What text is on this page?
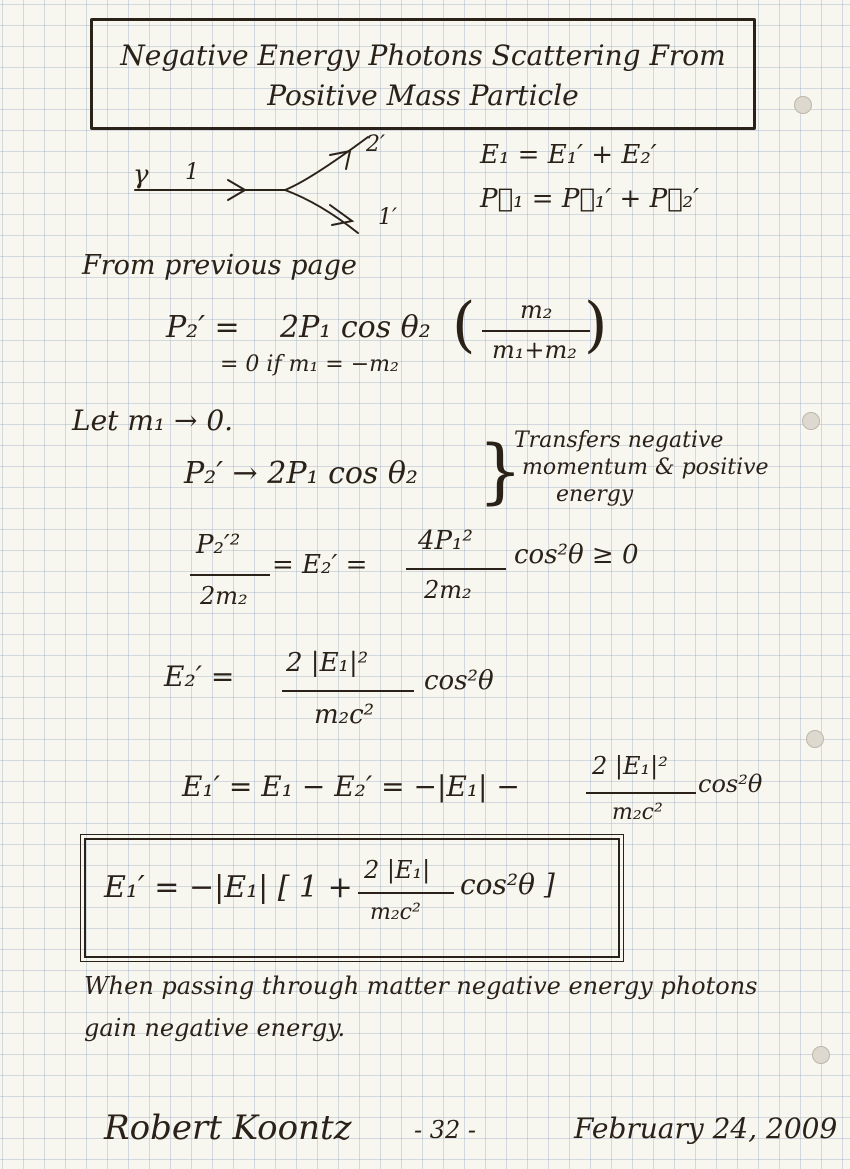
Negative Energy Photons Scattering From
Positive Mass Particle
γ 1
2′
1′
E₁ = E₁′ + E₂′
P⃗₁ = P⃗₁′ + P⃗₂′
From previous page
P₂′ = 2P₁ cos θ₂ ( m₂
m₁+m₂ )
= 0 if m₁ = −m₂
Let m₁ → 0.
P₂′ → 2P₁ cos θ₂ }
Transfers negative
momentum & positive
energy
P₂′²
2m₂
= E₂′ =
4P₁²
2m₂
cos²θ ≥ 0
E₂′ = 2 |E₁|²
m₂c²
cos²θ
E₁′ = E₁ − E₂′ = −|E₁| −
2 |E₁|²
m₂c²
cos²θ
E₁′ = −|E₁| [ 1 + 2 |E₁|
m₂c²
cos²θ ]
When passing through matter negative energy photons
gain negative energy.
Robert Koontz	- 32 -	February 24, 2009
